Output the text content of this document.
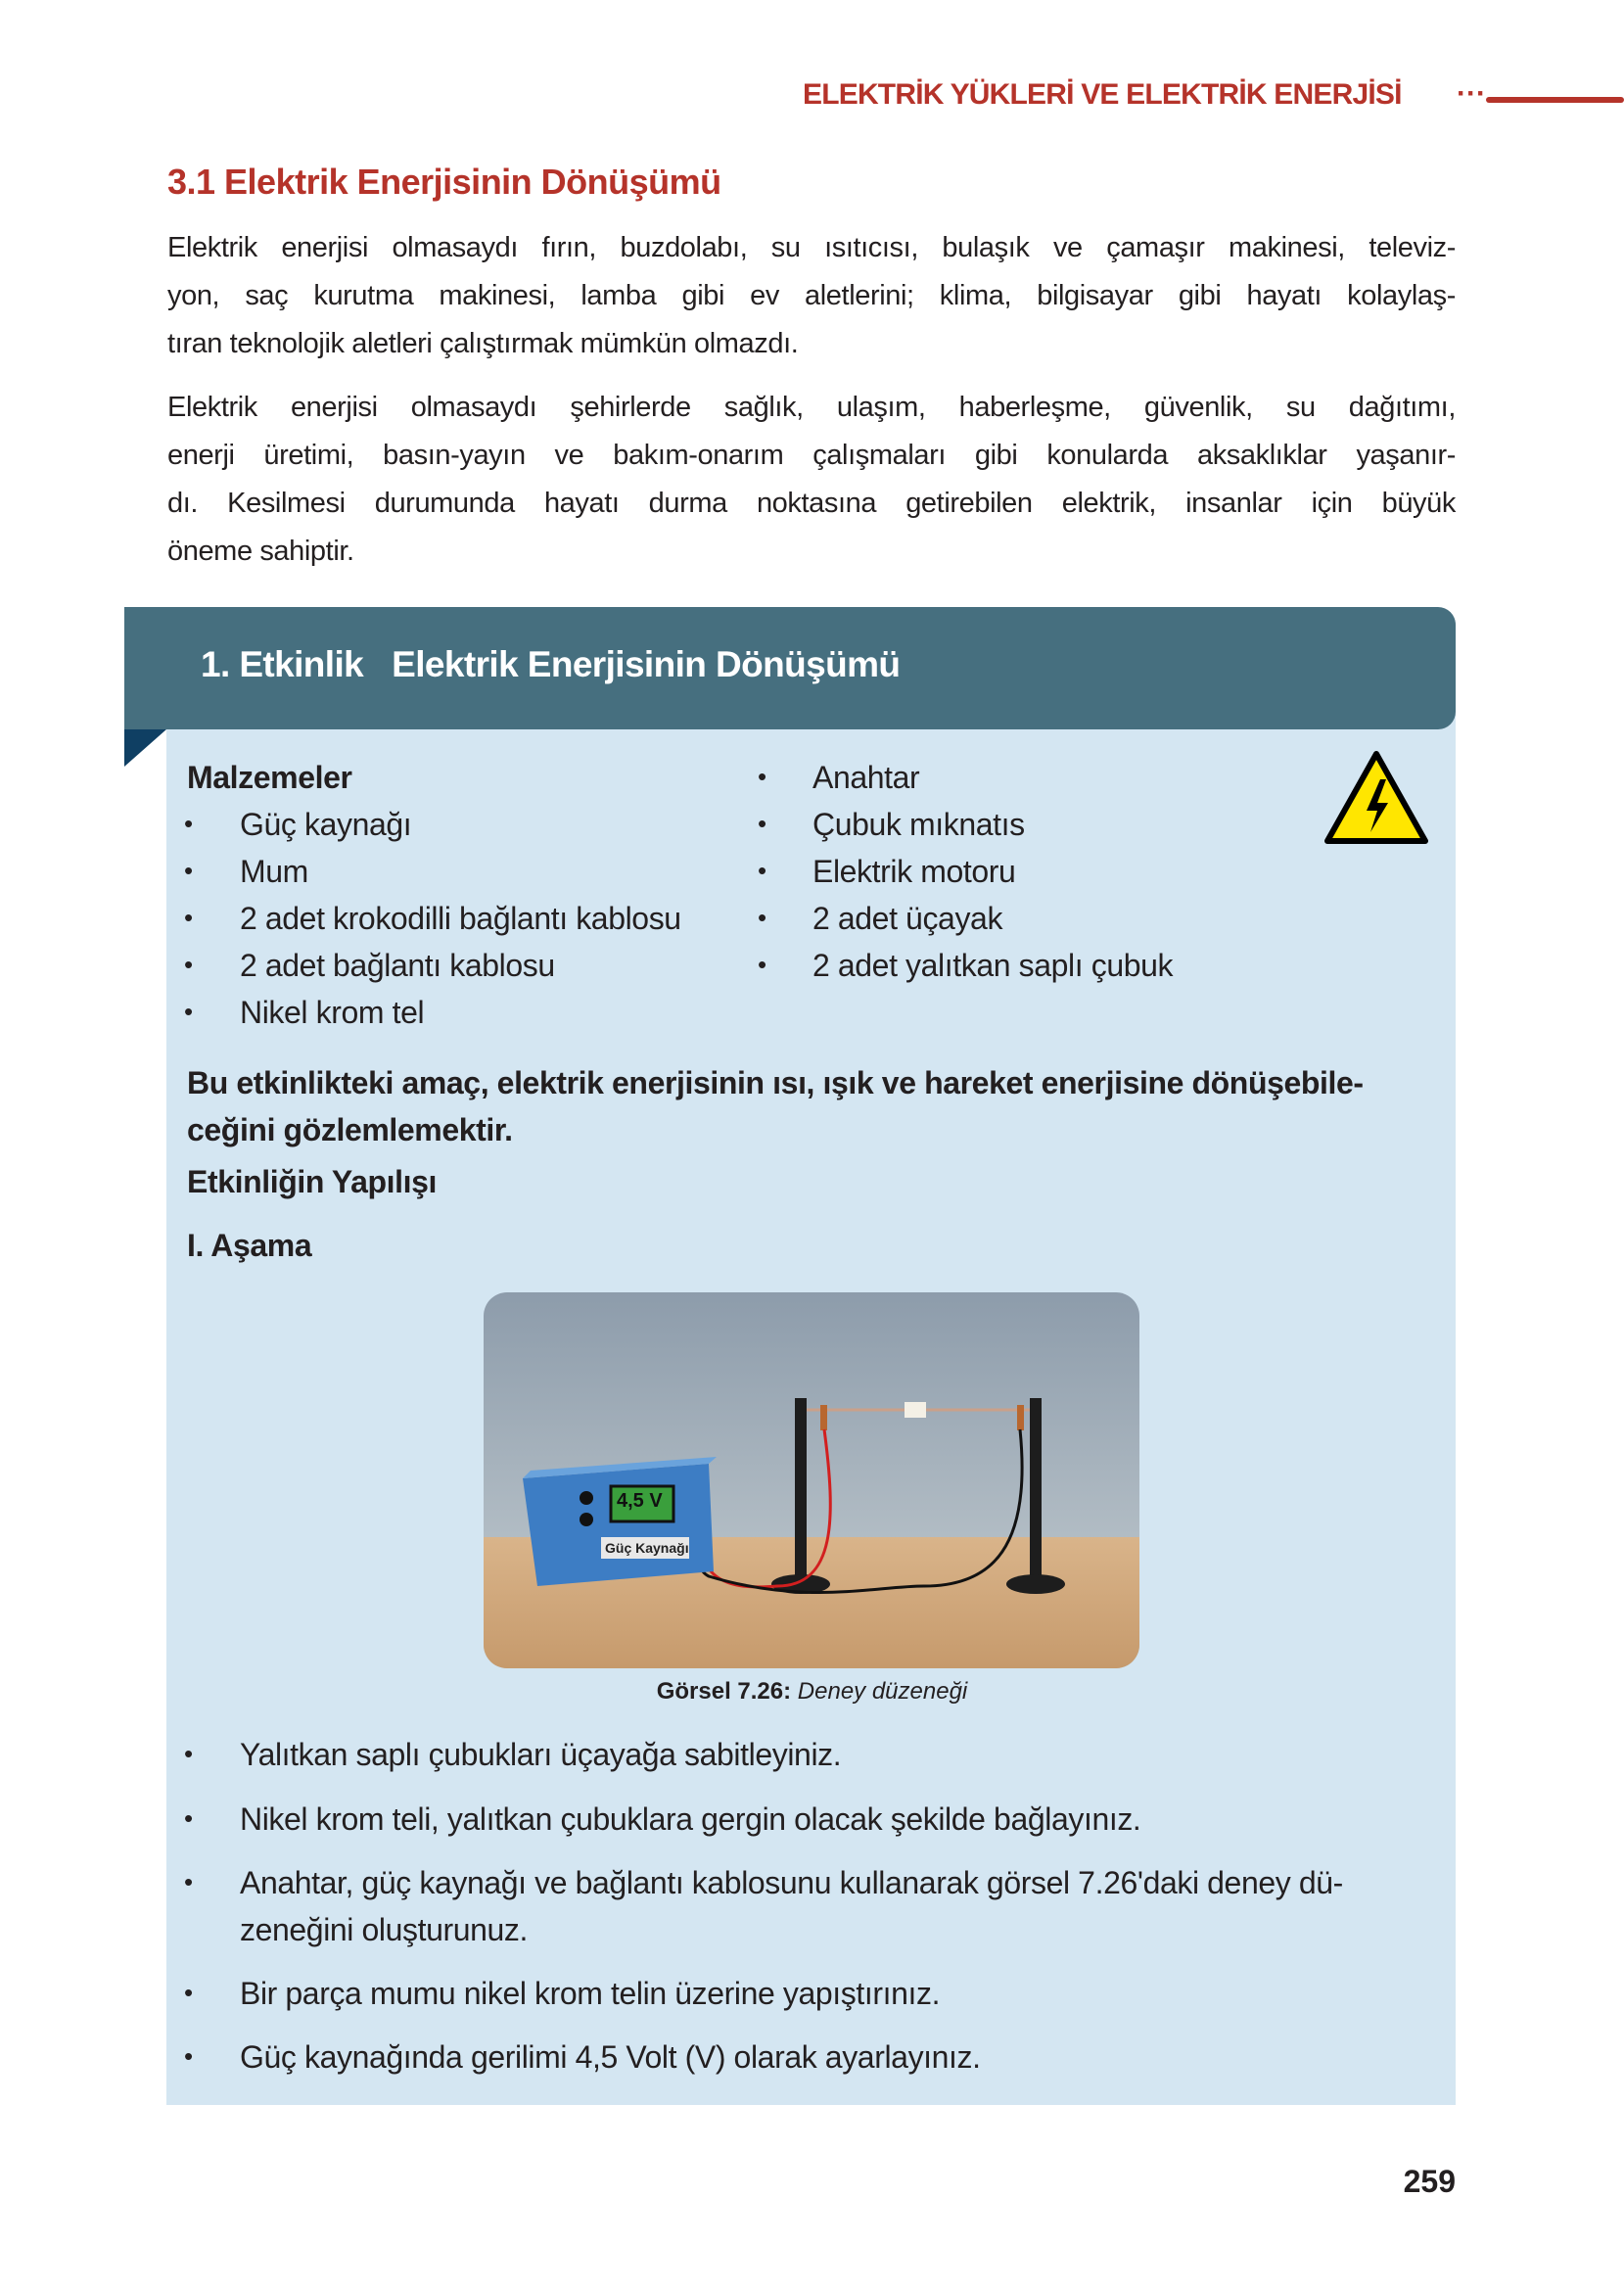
ELEKTRİK YÜKLERİ VE ELEKTRİK ENERJİSİ ···
3.1 Elektrik Enerjisinin Dönüşümü
Elektrik enerjisi olmasaydı fırın, buzdolabı, su ısıtıcısı, bulaşık ve çamaşır makinesi, televiz-
yon, saç kurutma makinesi, lamba gibi ev aletlerini; klima, bilgisayar gibi hayatı kolaylaş-
tıran teknolojik aletleri çalıştırmak mümkün olmazdı.
Elektrik enerjisi olmasaydı şehirlerde sağlık, ulaşım, haberleşme, güvenlik, su dağıtımı,
enerji üretimi, basın-yayın ve bakım-onarım çalışmaları gibi konularda aksaklıklar yaşanır-
dı. Kesilmesi durumunda hayatı durma noktasına getirebilen elektrik, insanlar için büyük
öneme sahiptir.
1. Etkinlik   Elektrik Enerjisinin Dönüşümü
Malzemeler
• Güç kaynağı
• Mum
• 2 adet krokodilli bağlantı kablosu
• 2 adet bağlantı kablosu
• Nikel krom tel
• Anahtar
• Çubuk mıknatıs
• Elektrik motoru
• 2 adet üçayak
• 2 adet yalıtkan saplı çubuk
Bu etkinlikteki amaç, elektrik enerjisinin ısı, ışık ve hareket enerjisine dönüşebile-
ceğini gözlemlemektir.
Etkinliğin Yapılışı
I. Aşama
4,5 V
Güç Kaynağı
Görsel 7.26: Deney düzeneği
• Yalıtkan saplı çubukları üçayağa sabitleyiniz.
• Nikel krom teli, yalıtkan çubuklara gergin olacak şekilde bağlayınız.
• Anahtar, güç kaynağı ve bağlantı kablosunu kullanarak görsel 7.26'daki deney dü-
zeneğini oluşturunuz.
• Bir parça mumu nikel krom telin üzerine yapıştırınız.
• Güç kaynağında gerilimi 4,5 Volt (V) olarak ayarlayınız.
259
